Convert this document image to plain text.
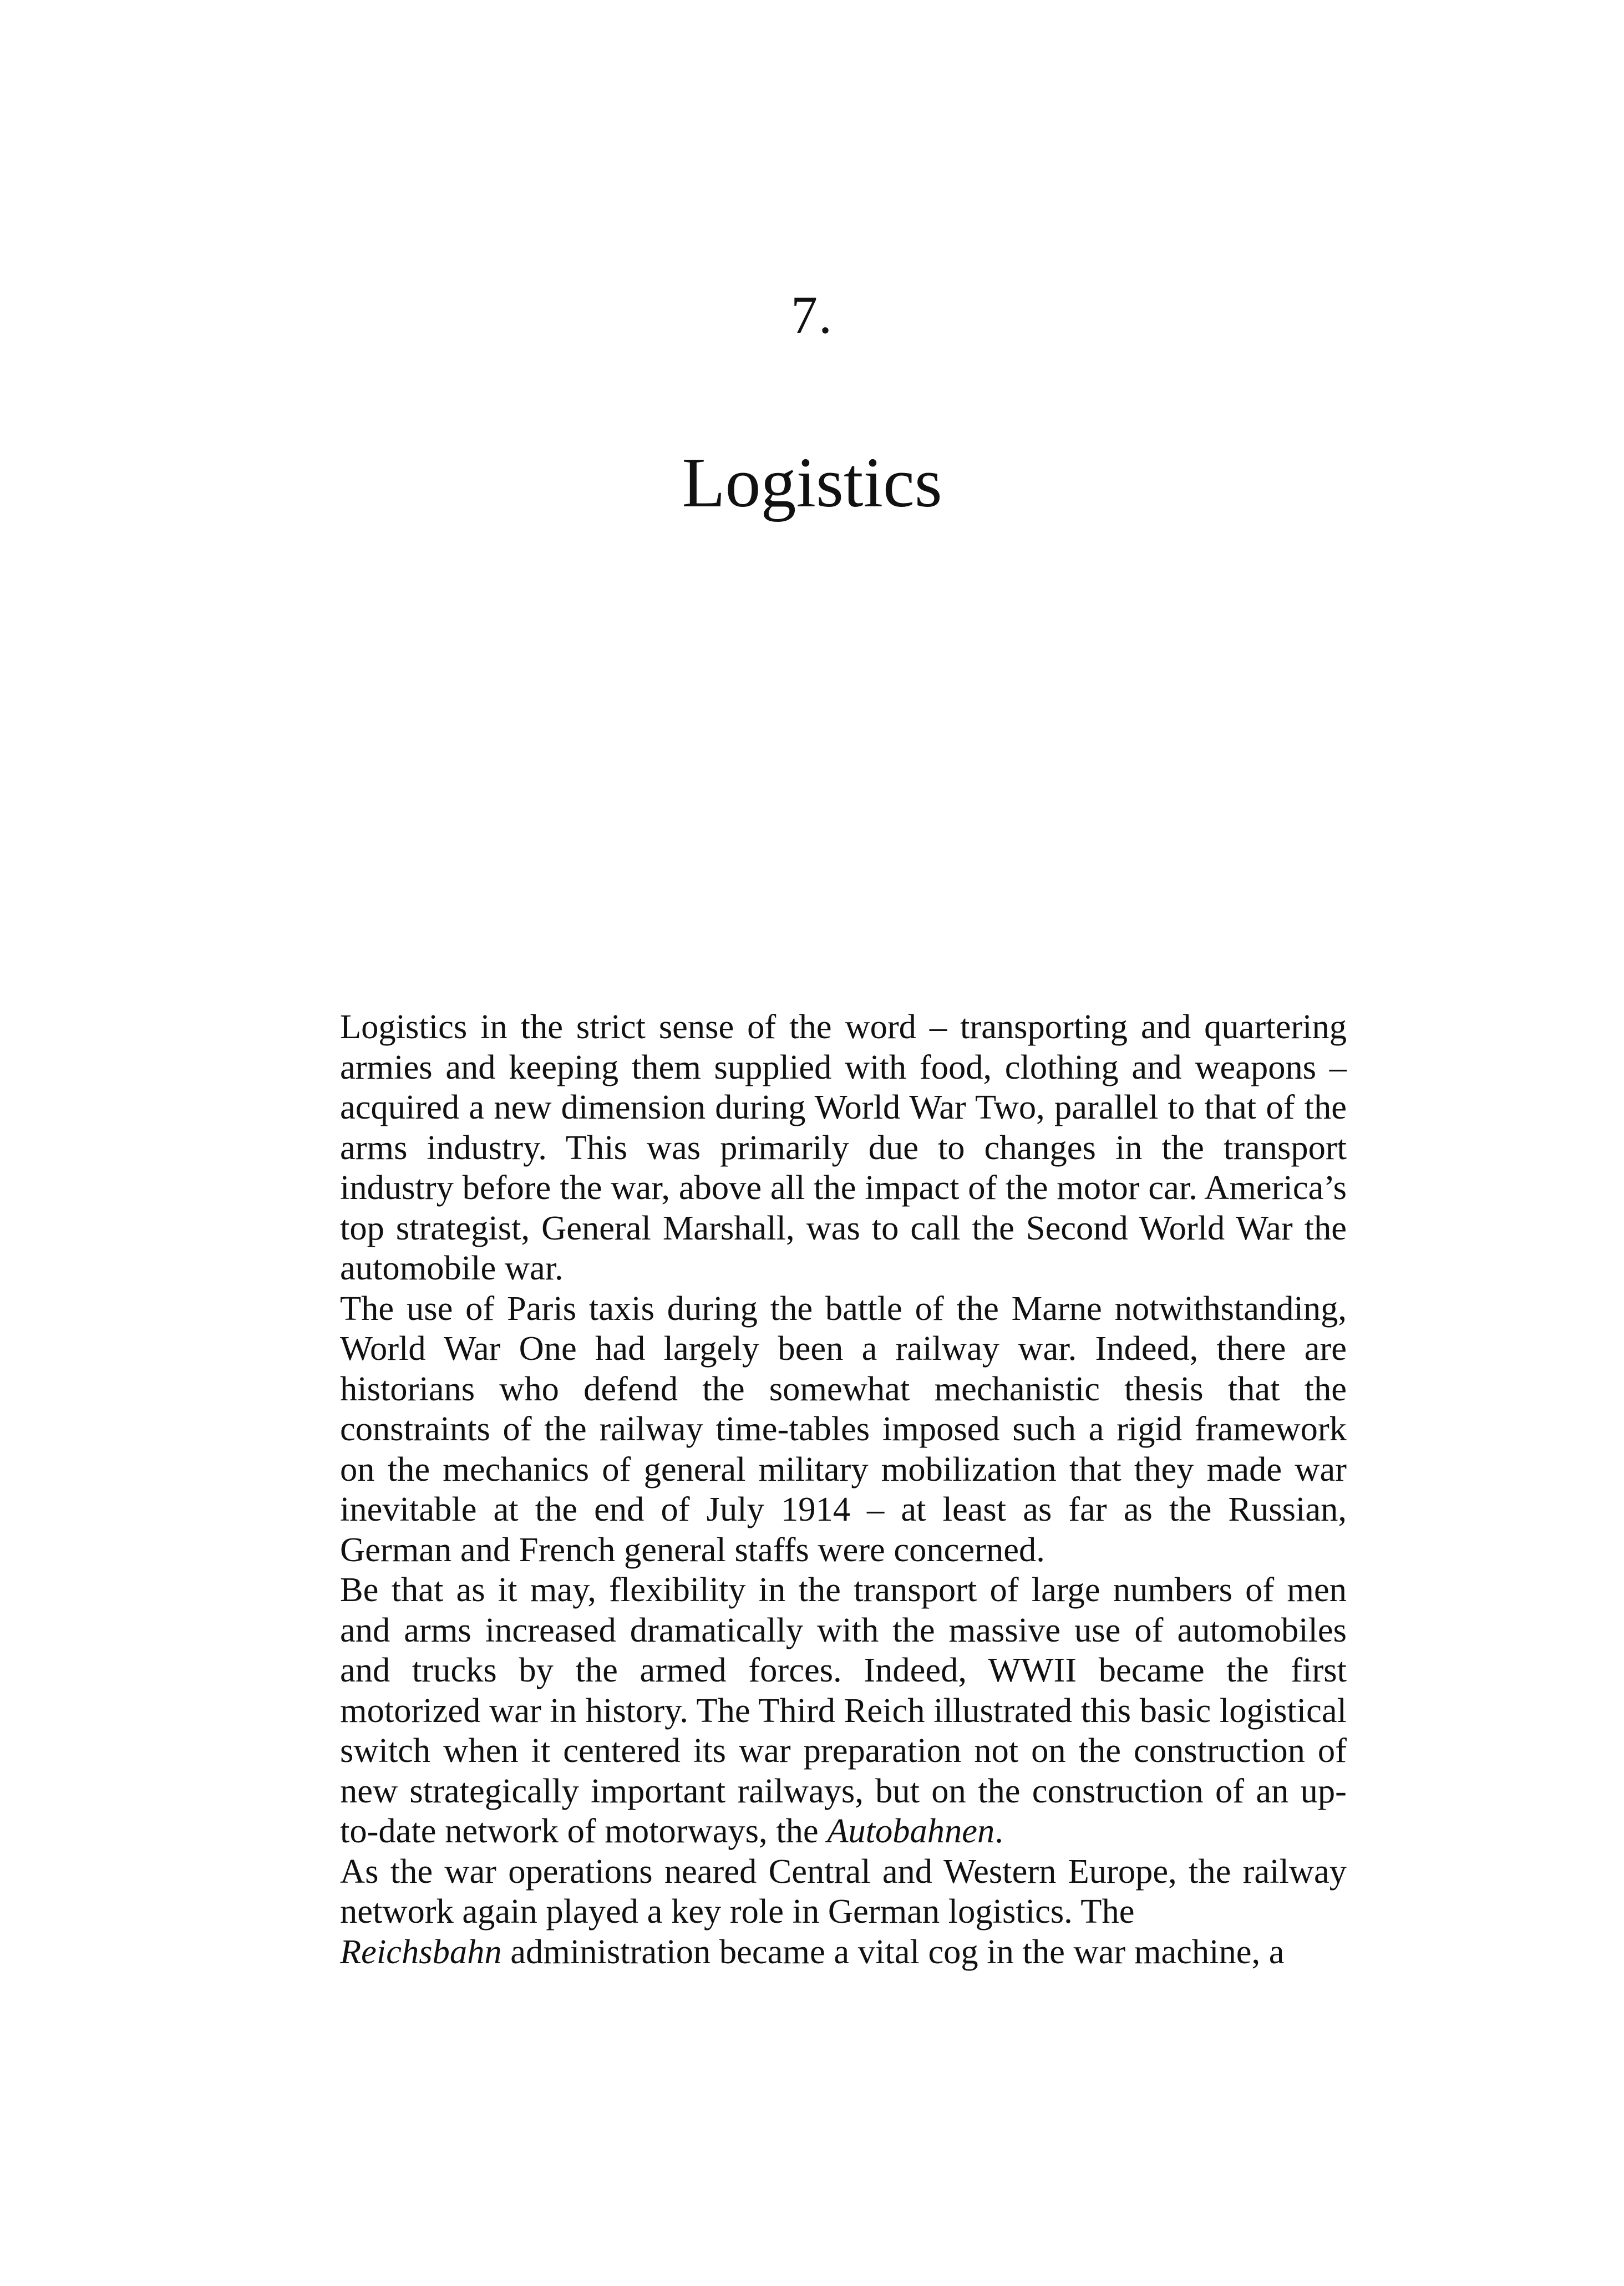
7.
Logistics

Logistics in the strict sense of the word – transporting and quartering armies and keeping them supplied with food, clothing and weapons – acquired a new dimension during World War Two, parallel to that of the arms industry. This was primarily due to changes in the transport industry before the war, above all the impact of the motor car. America’s top strategist, General Marshall, was to call the Second World War the automobile war.

The use of Paris taxis during the battle of the Marne notwithstanding, World War One had largely been a railway war. Indeed, there are historians who defend the somewhat mechanistic thesis that the constraints of the railway time-tables imposed such a rigid framework on the mechanics of general military mobilization that they made war inevitable at the end of July 1914 – at least as far as the Russian, German and French general staffs were concerned.

Be that as it may, flexibility in the transport of large numbers of men and arms increased dramatically with the massive use of automobiles and trucks by the armed forces. Indeed, WWII became the first motorized war in history. The Third Reich illustrated this basic logistical switch when it centered its war preparation not on the construction of new strategically important railways, but on the construction of an up-to-date network of motorways, the Autobahnen.

As the war operations neared Central and Western Europe, the railway network again played a key role in German logistics. The
Reichsbahn administration became a vital cog in the war machine, a
